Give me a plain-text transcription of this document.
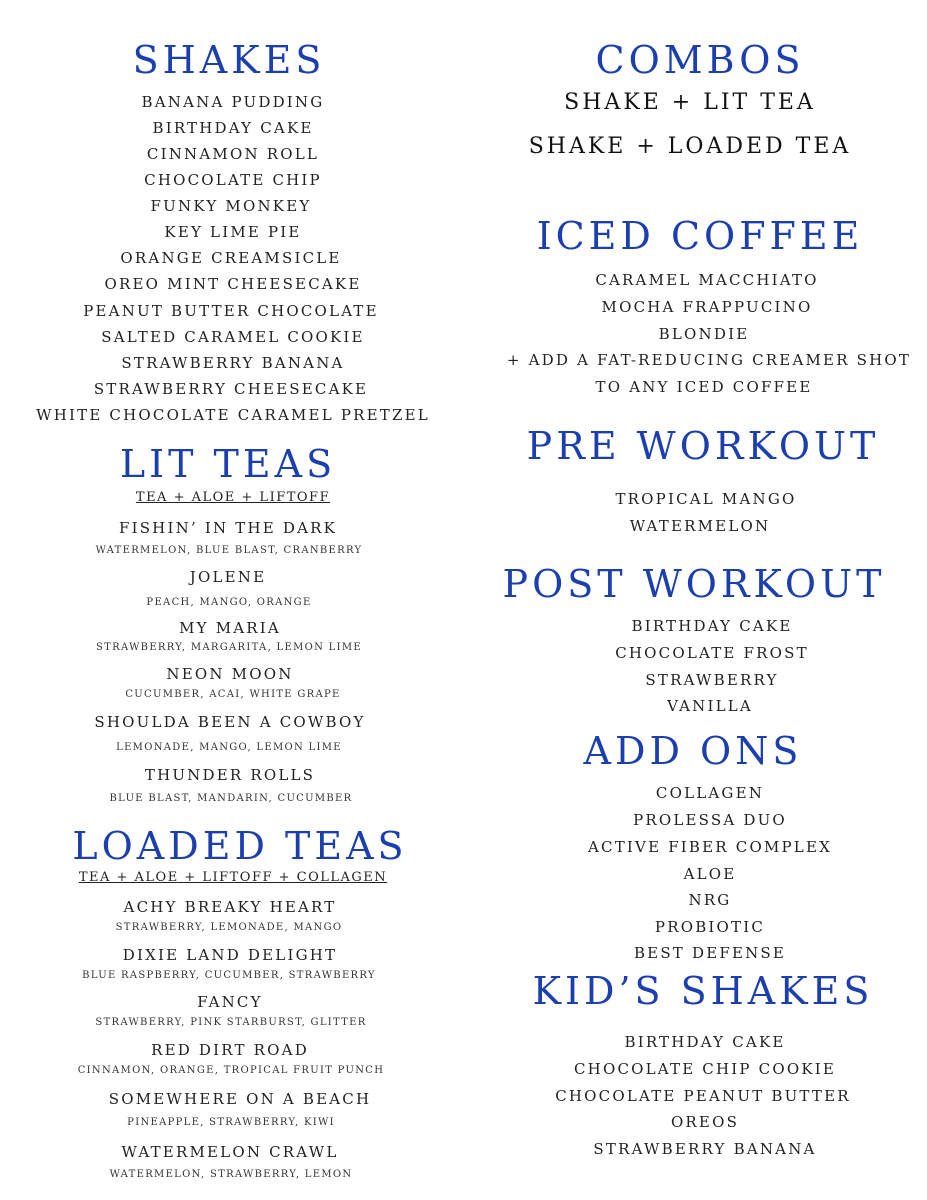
SHAKES
BANANA PUDDING
BIRTHDAY CAKE
CINNAMON ROLL
CHOCOLATE CHIP
FUNKY MONKEY
KEY LIME PIE
ORANGE CREAMSICLE
OREO MINT CHEESECAKE
PEANUT BUTTER CHOCOLATE
SALTED CARAMEL COOKIE
STRAWBERRY BANANA
STRAWBERRY CHEESECAKE
WHITE CHOCOLATE CARAMEL PRETZEL
LIT TEAS
TEA + ALOE + LIFTOFF
FISHIN’ IN THE DARK
WATERMELON, BLUE BLAST, CRANBERRY
JOLENE
PEACH, MANGO, ORANGE
MY MARIA
STRAWBERRY, MARGARITA, LEMON LIME
NEON MOON
CUCUMBER, ACAI, WHITE GRAPE
SHOULDA BEEN A COWBOY
LEMONADE, MANGO, LEMON LIME
THUNDER ROLLS
BLUE BLAST, MANDARIN, CUCUMBER
LOADED TEAS
TEA + ALOE + LIFTOFF + COLLAGEN
ACHY BREAKY HEART
STRAWBERRY, LEMONADE, MANGO
DIXIE LAND DELIGHT
BLUE RASPBERRY, CUCUMBER, STRAWBERRY
FANCY
STRAWBERRY, PINK STARBURST, GLITTER
RED DIRT ROAD
CINNAMON, ORANGE, TROPICAL FRUIT PUNCH
SOMEWHERE ON A BEACH
PINEAPPLE, STRAWBERRY, KIWI
WATERMELON CRAWL
WATERMELON, STRAWBERRY, LEMON
COMBOS
SHAKE + LIT TEA
SHAKE + LOADED TEA
ICED COFFEE
CARAMEL MACCHIATO
MOCHA FRAPPUCINO
BLONDIE
+ ADD A FAT-REDUCING CREAMER SHOT
TO ANY ICED COFFEE
PRE WORKOUT
TROPICAL MANGO
WATERMELON
POST WORKOUT
BIRTHDAY CAKE
CHOCOLATE FROST
STRAWBERRY
VANILLA
ADD ONS
COLLAGEN
PROLESSA DUO
ACTIVE FIBER COMPLEX
ALOE
NRG
PROBIOTIC
BEST DEFENSE
KID’S SHAKES
BIRTHDAY CAKE
CHOCOLATE CHIP COOKIE
CHOCOLATE PEANUT BUTTER
OREOS
STRAWBERRY BANANA
